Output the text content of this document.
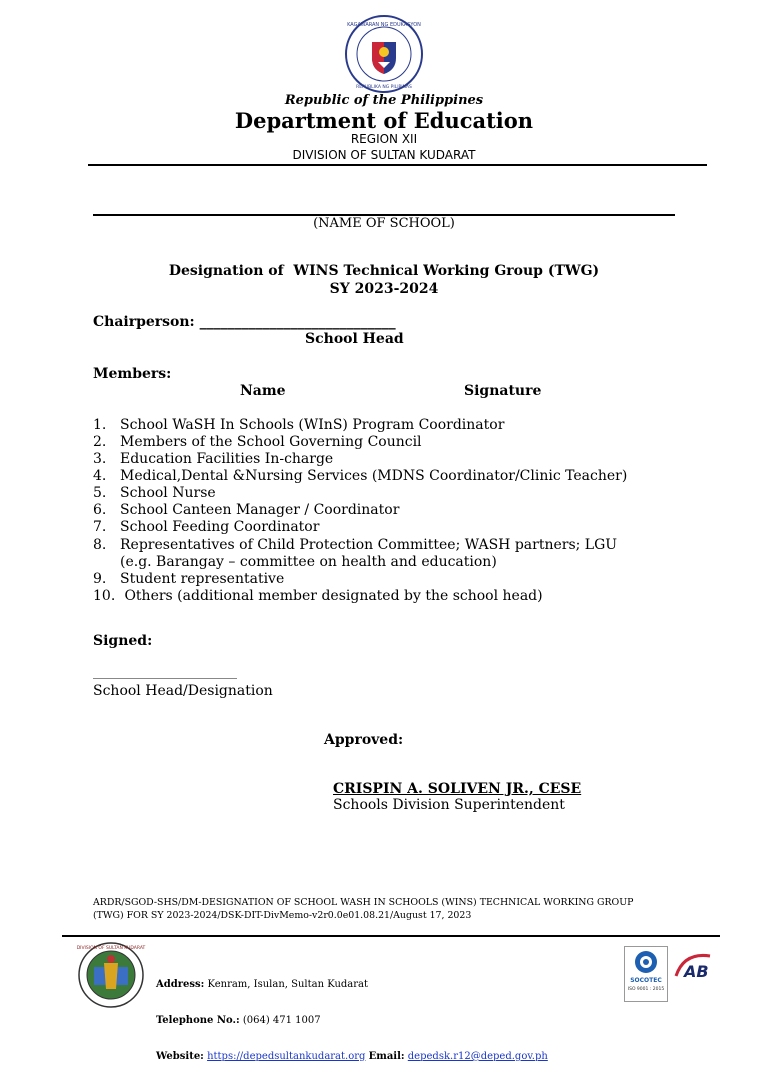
KAGAWARAN NG EDUKASYON
REPUBLIKA NG PILIPINAS
Republic of the Philippines
Department of Education
REGION XII
DIVISION OF SULTAN KUDARAT
(NAME OF SCHOOL)
Designation of  WINS Technical Working Group (TWG)
SY 2023-2024
Chairperson: ____________________________
School Head
Members:
Name	Signature
1. School WaSH In Schools (WInS) Program Coordinator
2. Members of the School Governing Council
3. Education Facilities In-charge
4. Medical,Dental &Nursing Services (MDNS Coordinator/Clinic Teacher)
5. School Nurse
6. School Canteen Manager / Coordinator
7. School Feeding Coordinator
8. Representatives of Child Protection Committee; WASH partners; LGU
(e.g. Barangay – committee on health and education)
9. Student representative
10. Others (additional member designated by the school head)
Signed:
________________________
School Head/Designation
Approved:
CRISPIN A. SOLIVEN JR., CESE
Schools Division Superintendent
ARDR/SGOD-SHS/DM-DESIGNATION OF SCHOOL WASH IN SCHOOLS (WINS) TECHNICAL WORKING GROUP
(TWG) FOR SY 2023-2024/DSK-DIT-DivMemo-v2r0.0e01.08.21/August 17, 2023
DIVISION OF SULTAN KUDARAT

Address: Kenram, Isulan, Sultan Kudarat

Telephone No.: (064) 471 1007

Website: https://depedsultankudarat.org Email: depedsk.r12@deped.gov.ph

SOCOTEC
ISO 9001 : 2015
AB
